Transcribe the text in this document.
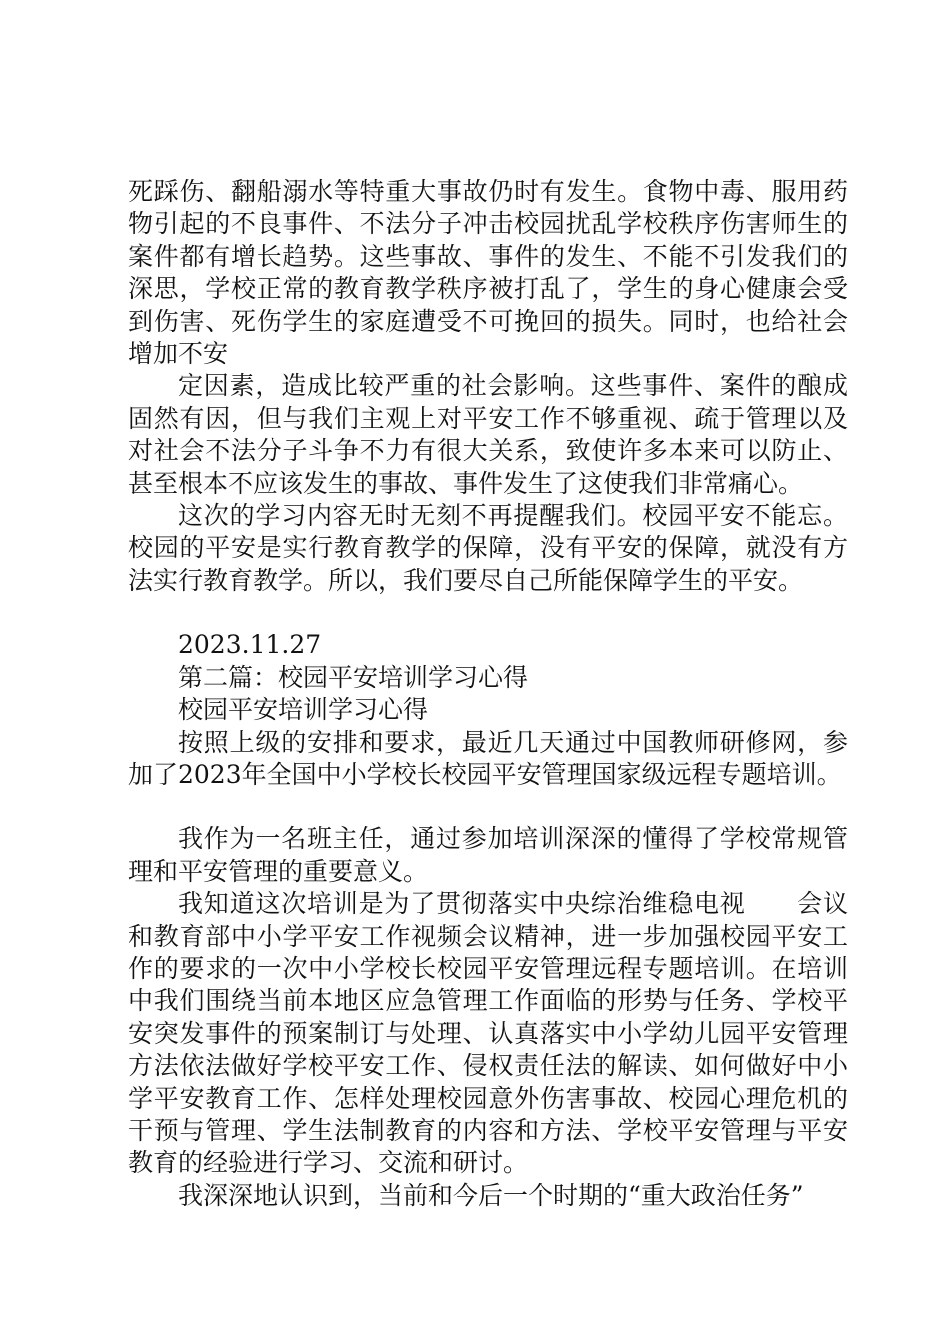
死踩伤、翻船溺水等特重大事故仍时有发生。食物中毒、服用药物引起的不良事件、不法分子冲击校园扰乱学校秩序伤害师生的案件都有增长趋势。这些事故、事件的发生、不能不引发我们的深思，学校正常的教育教学秩序被打乱了，学生的身心健康会受到伤害、死伤学生的家庭遭受不可挽回的损失。同时，也给社会增加不安

定因素，造成比较严重的社会影响。这些事件、案件的酿成固然有因，但与我们主观上对平安工作不够重视、疏于管理以及对社会不法分子斗争不力有很大关系，致使许多本来可以防止、甚至根本不应该发生的事故、事件发生了这使我们非常痛心。

这次的学习内容无时无刻不再提醒我们。校园平安不能忘。校园的平安是实行教育教学的保障，没有平安的保障，就没有方法实行教育教学。所以，我们要尽自己所能保障学生的平安。

2023.11.27

第二篇：校园平安培训学习心得

校园平安培训学习心得

按照上级的安排和要求，最近几天通过中国教师研修网，参加了2023年全国中小学校长校园平安管理国家级远程专题培训。

我作为一名班主任，通过参加培训深深的懂得了学校常规管理和平安管理的重要意义。

我知道这次培训是为了贯彻落实中央综治维稳电视　　会议和教育部中小学平安工作视频会议精神，进一步加强校园平安工作的要求的一次中小学校长校园平安管理远程专题培训。在培训中我们围绕当前本地区应急管理工作面临的形势与任务、学校平安突发事件的预案制订与处理、认真落实中小学幼儿园平安管理方法依法做好学校平安工作、侵权责任法的解读、如何做好中小学平安教育工作、怎样处理校园意外伤害事故、校园心理危机的干预与管理、学生法制教育的内容和方法、学校平安管理与平安教育的经验进行学习、交流和研讨。

我深深地认识到，当前和今后一个时期的“重大政治任务”
